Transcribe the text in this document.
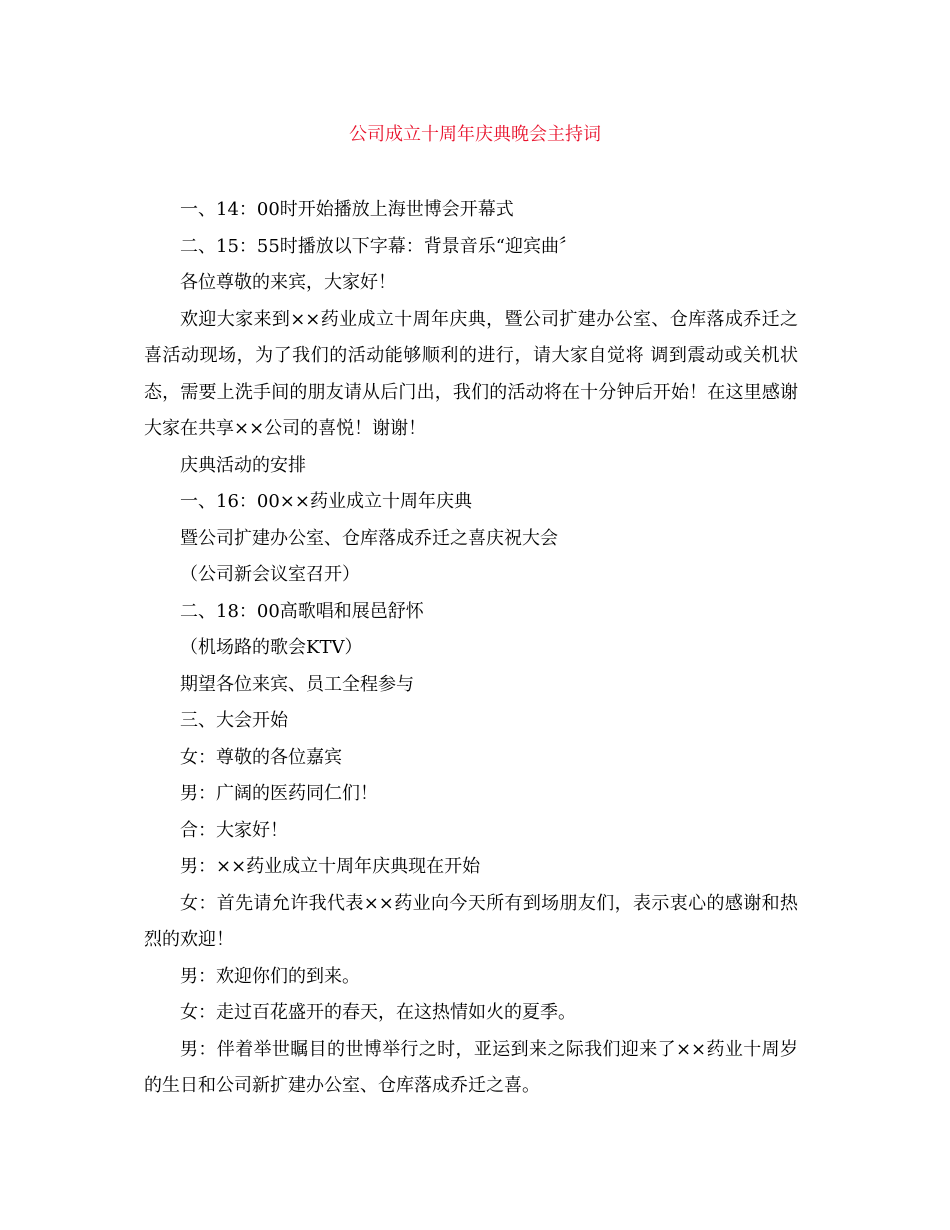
公司成立十周年庆典晚会主持词

一、14：00时开始播放上海世博会开幕式

二、15：55时播放以下字幕：背景音乐“迎宾曲〞

各位尊敬的来宾，大家好！

欢迎大家来到××药业成立十周年庆典，暨公司扩建办公室、仓库落成乔迁之喜活动现场，为了我们的活动能够顺利的进行，请大家自觉将 调到震动或关机状态，需要上洗手间的朋友请从后门出，我们的活动将在十分钟后开始！在这里感谢大家在共享××公司的喜悦！谢谢！

庆典活动的安排

一、16：00××药业成立十周年庆典

暨公司扩建办公室、仓库落成乔迁之喜庆祝大会

（公司新会议室召开）

二、18：00高歌唱和展邑舒怀

（机场路的歌会KTV）

期望各位来宾、员工全程参与

三、大会开始

女：尊敬的各位嘉宾

男：广阔的医药同仁们！

合：大家好！

男：××药业成立十周年庆典现在开始

女：首先请允许我代表××药业向今天所有到场朋友们，表示衷心的感谢和热烈的欢迎！

男：欢迎你们的到来。

女：走过百花盛开的春天，在这热情如火的夏季。

男：伴着举世瞩目的世博举行之时，亚运到来之际我们迎来了××药业十周岁的生日和公司新扩建办公室、仓库落成乔迁之喜。
